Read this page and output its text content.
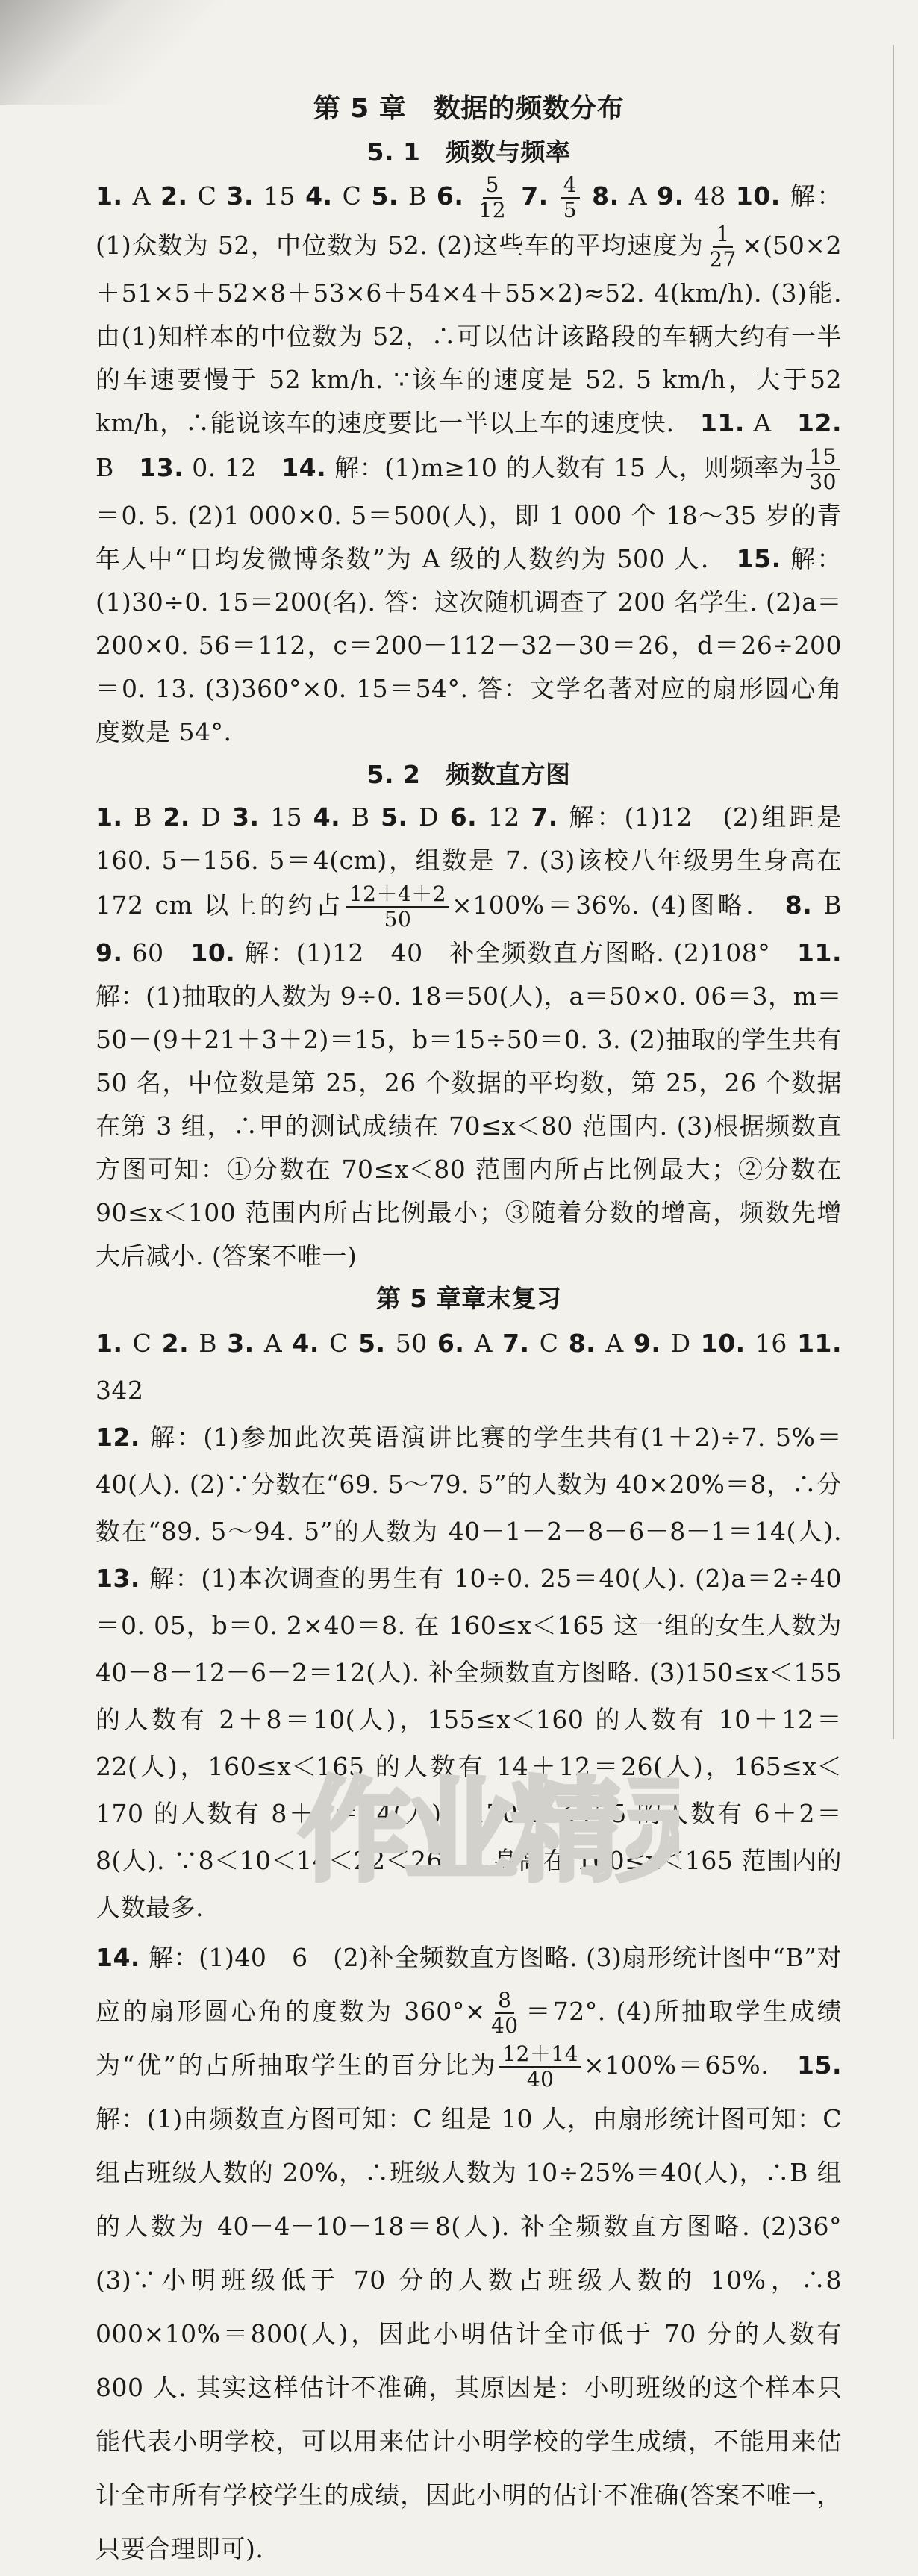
第 5 章　数据的频数分布
5. 1　频数与频率

1. A 2. C 3. 15 4. C 5. B 6. $\frac{5}{12} 7$. $\frac{4}{5} 8$. A 9. 48 10. 解：(1)众数为 52，中位数为 52. (2)这些车的平均速度为 $\frac{1}{27} \times(50\times 2+51\times 5+52\times 8+53\times 6+54\times 4+55\times 2)\approx 52$. 4(km/h). (3)能. 由(1)知样本的中位数为 52，∴可以估计该路段的车辆大约有一半的车速要慢于 52 km/h. ∵该车的速度是 52. 5 km/h，大于52 km/h，∴能说该车的速度要比一半以上车的速度快.　11. A　12. B　13. 0. 12　14. 解：(1)m≥10 的人数有 15 人，则频率为 $\frac{15}{30}$
＝0. 5. (2)1 000×0. 5＝500(人)，即 1 000 个 18～35 岁的青年人中“日均发微博条数”为 A 级的人数约为 500 人.　15. 解：(1)30÷0. 15＝200(名). 答：这次随机调查了 200 名学生. (2)a＝200×0. 56＝112，c＝200－112－32－30＝26，d＝26÷200＝0. 13. (3)360°×0. 15＝54°. 答：文学名著对应的扇形圆心角度数是 54°.

5. 2　频数直方图

1. B 2. D 3. 15 4. B 5. D 6. 12 7. 解：(1)12　(2)组距是 160. 5－156. 5＝4(cm)，组数是 7. (3)该校八年级男生身高在 172 cm 以上的约占 $\frac{12+4+2}{50} \times 100\%=36\%$. (4)图略.　8. B　9. 60　10. 解：(1)12　40　补全频数直方图略. (2)108°　11. 解：(1)抽取的人数为 9÷0. 18＝50(人)，a＝50×0. 06＝3，m＝50－(9＋21＋3＋2)＝15，b＝15÷50＝0. 3. (2)抽取的学生共有 50 名，中位数是第 25，26 个数据的平均数，第 25，26 个数据在第 3 组，∴甲的测试成绩在 70≤x＜80 范围内. (3)根据频数直方图可知：①分数在 70≤x＜80 范围内所占比例最大；②分数在 90≤x＜100 范围内所占比例最小；③随着分数的增高，频数先增大后减小. (答案不唯一)

第 5 章章末复习

1. C 2. B 3. A 4. C 5. 50 6. A 7. C 8. A 9. D 10. 16 11. 342

12. 解：(1)参加此次英语演讲比赛的学生共有(1＋2)÷7. 5%＝40(人). (2)∵分数在“69. 5～79. 5”的人数为 40×20%＝8，∴分数在“89. 5～94. 5”的人数为 40－1－2－8－6－8－1＝14(人).　13. 解：(1)本次调查的男生有 10÷0. 25＝40(人). (2)a＝2÷40＝0. 05，b＝0. 2×40＝8. 在 160≤x＜165 这一组的女生人数为 40－8－12－6－2＝12(人). 补全频数直方图略. (3)150≤x＜155 的人数有 2＋8＝10(人)，155≤x＜160 的人数有 10＋12＝22(人)，160≤x＜165 的人数有 14＋12＝26(人)，165≤x＜170 的人数有 8＋6＝14(人)，170≤x＜175 的人数有 6＋2＝8(人). ∵8＜10＜14＜22＜26，∴身高在 160≤x＜165 范围内的人数最多.

14. 解：(1)40　6　(2)补全频数直方图略. (3)扇形统计图中“B”对应的扇形圆心角的度数为 $360^\circ\times \frac{8}{40} =72^\circ$. (4)所抽取学生成绩为“优”的占所抽取学生的百分比为 $\frac{12+14}{40} \times 100\%=65\%$.　15. 解：(1)由频数直方图可知：C 组是 10 人，由扇形统计图可知：C 组占班级人数的 20%，∴班级人数为 10÷25%＝40(人)，∴B 组的人数为 40－4－10－18＝8(人). 补全频数直方图略. (2)36°　(3)∵小明班级低于 70 分的人数占班级人数的 10%，∴8 000×10%＝800(人)，因此小明估计全市低于 70 分的人数有 800 人. 其实这样估计不准确，其原因是：小明班级的这个样本只能代表小明学校，可以用来估计小明学校的学生成绩，不能用来估计全市所有学校学生的成绩，因此小明的估计不准确(答案不唯一，只要合理即可).

作业精灵
